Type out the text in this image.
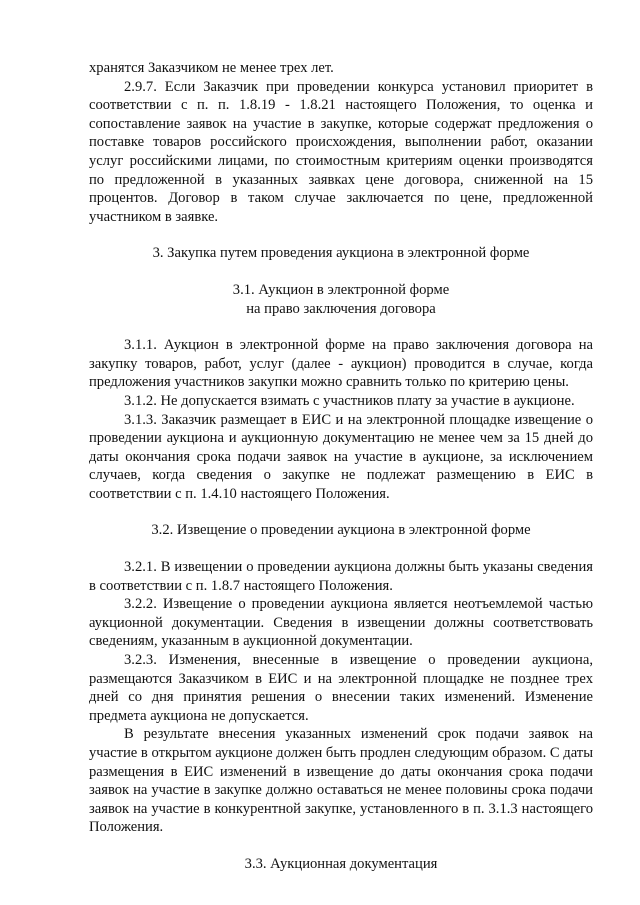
хранятся Заказчиком не менее трех лет.

2.9.7. Если Заказчик при проведении конкурса установил приоритет в соответствии с п. п. 1.8.19 - 1.8.21 настоящего Положения, то оценка и сопоставление заявок на участие в закупке, которые содержат предложения о поставке товаров российского происхождения, выполнении работ, оказании услуг российскими лицами, по стоимостным критериям оценки производятся по предложенной в указанных заявках цене договора, сниженной на 15 процентов. Договор в таком случае заключается по цене, предложенной участником в заявке.

3. Закупка путем проведения аукциона в электронной форме

3.1. Аукцион в электронной форме

на право заключения договора

3.1.1. Аукцион в электронной форме на право заключения договора на закупку товаров, работ, услуг (далее - аукцион) проводится в случае, когда предложения участников закупки можно сравнить только по критерию цены.

3.1.2. Не допускается взимать с участников плату за участие в аукционе.

3.1.3. Заказчик размещает в ЕИС и на электронной площадке извещение о проведении аукциона и аукционную документацию не менее чем за 15 дней до даты окончания срока подачи заявок на участие в аукционе, за исключением случаев, когда сведения о закупке не подлежат размещению в ЕИС в соответствии с п. 1.4.10 настоящего Положения.

3.2. Извещение о проведении аукциона в электронной форме

3.2.1. В извещении о проведении аукциона должны быть указаны сведения в соответствии с п. 1.8.7 настоящего Положения.

3.2.2. Извещение о проведении аукциона является неотъемлемой частью аукционной документации. Сведения в извещении должны соответствовать сведениям, указанным в аукционной документации.

3.2.3. Изменения, внесенные в извещение о проведении аукциона, размещаются Заказчиком в ЕИС и на электронной площадке не позднее трех дней со дня принятия решения о внесении таких изменений. Изменение предмета аукциона не допускается.

В результате внесения указанных изменений срок подачи заявок на участие в открытом аукционе должен быть продлен следующим образом. С даты размещения в ЕИС изменений в извещение до даты окончания срока подачи заявок на участие в закупке должно оставаться не менее половины срока подачи заявок на участие в конкурентной закупке, установленного в п. 3.1.3 настоящего Положения.

3.3. Аукционная документация
